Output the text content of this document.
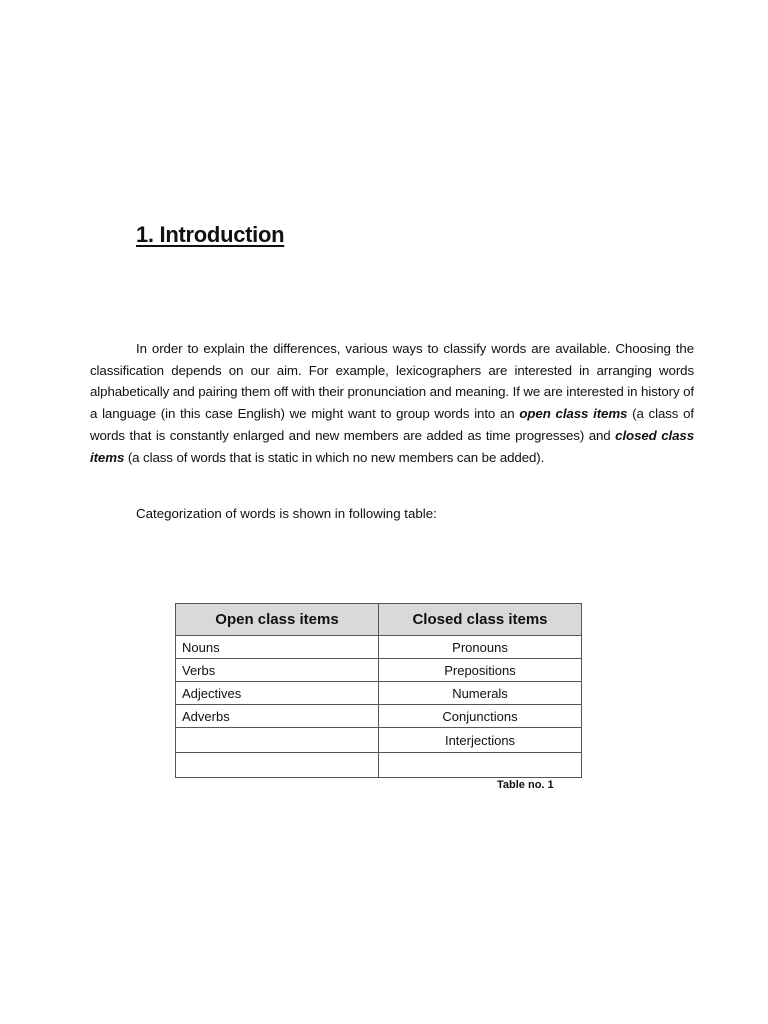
1. Introduction

In order to explain the differences, various ways to classify words are available. Choosing the classification depends on our aim. For example, lexicographers are interested in arranging words alphabetically and pairing them off with their pronunciation and meaning. If we are interested in history of a language (in this case English) we might want to group words into an open class items (a class of words that is constantly enlarged and new members are added as time progresses) and closed class items (a class of words that is static in which no new members can be added).

Categorization of words is shown in following table:

Open class items	Closed class items
Nouns	Pronouns
Verbs	Prepositions
Adjectives	Numerals
Adverbs	Conjunctions
	Interjections

Table no. 1
